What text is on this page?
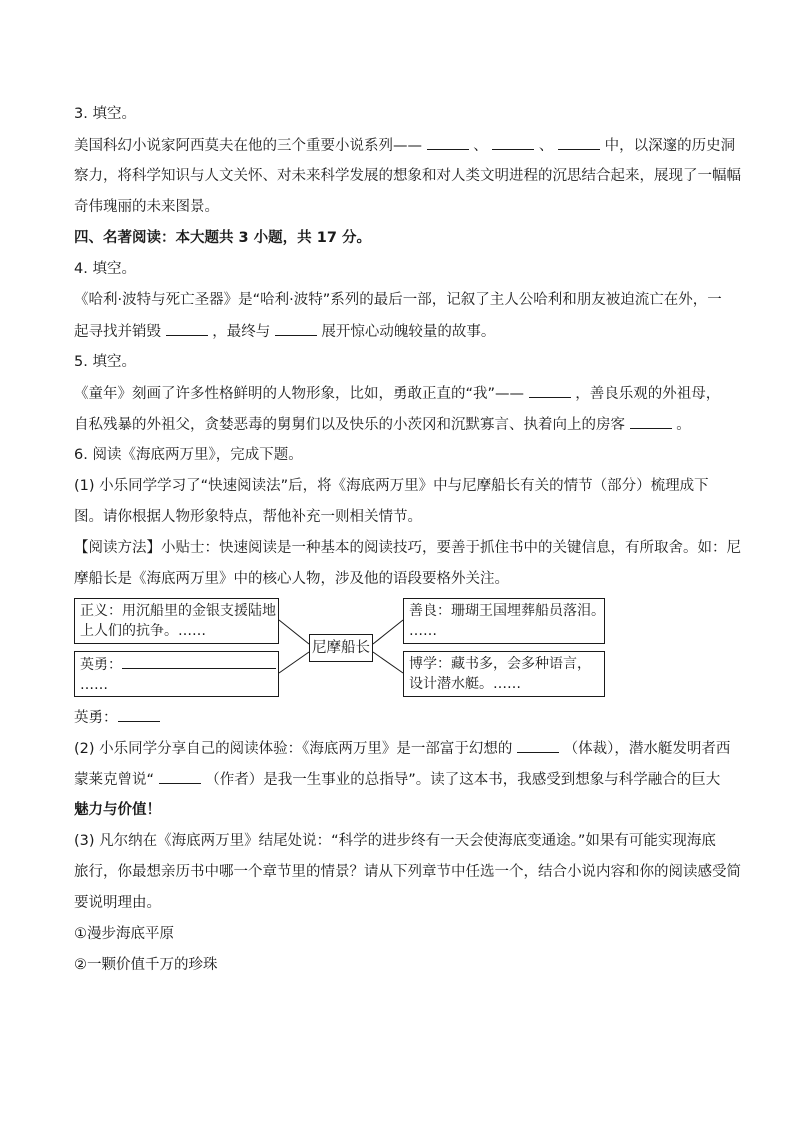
3. 填空。
美国科幻小说家阿西莫夫在他的三个重要小说系列——	、	、	中，以深邃的历史洞
察力，将科学知识与人文关怀、对未来科学发展的想象和对人类文明进程的沉思结合起来，展现了一幅幅
奇伟瑰丽的未来图景。
四、名著阅读：本大题共 3 小题，共 17 分。
4. 填空。
《哈利·波特与死亡圣器》是“哈利·波特”系列的最后一部，记叙了主人公哈利和朋友被迫流亡在外，一
起寻找并销毁	，最终与	展开惊心动魄较量的故事。
5. 填空。
《童年》刻画了许多性格鲜明的人物形象，比如，勇敢正直的“我”——	，善良乐观的外祖母，
自私残暴的外祖父，贪婪恶毒的舅舅们以及快乐的小茨冈和沉默寡言、执着向上的房客	。
6. 阅读《海底两万里》，完成下题。
(1) 小乐同学学习了“快速阅读法”后，将《海底两万里》中与尼摩船长有关的情节（部分）梳理成下
图。请你根据人物形象特点，帮他补充一则相关情节。
【阅读方法】小贴士：快速阅读是一种基本的阅读技巧，要善于抓住书中的关键信息，有所取舍。如：尼
摩船长是《海底两万里》中的核心人物，涉及他的语段要格外关注。
正义：用沉船里的金银支援陆地
上人们的抗争。……
尼摩船长
善良：珊瑚王国埋葬船员落泪。
……
英勇：
……
博学：藏书多，会多种语言，
设计潜水艇。……
英勇：
(2) 小乐同学分享自己的阅读体验：《海底两万里》是一部富于幻想的	（体裁），潜水艇发明者西
蒙莱克曾说“	（作者）是我一生事业的总指导”。读了这本书，我感受到想象与科学融合的巨大
魅力与价值！
(3) 凡尔纳在《海底两万里》结尾处说：“科学的进步终有一天会使海底变通途。”如果有可能实现海底
旅行，你最想亲历书中哪一个章节里的情景？请从下列章节中任选一个，结合小说内容和你的阅读感受简
要说明理由。
①漫步海底平原
②一颗价值千万的珍珠
